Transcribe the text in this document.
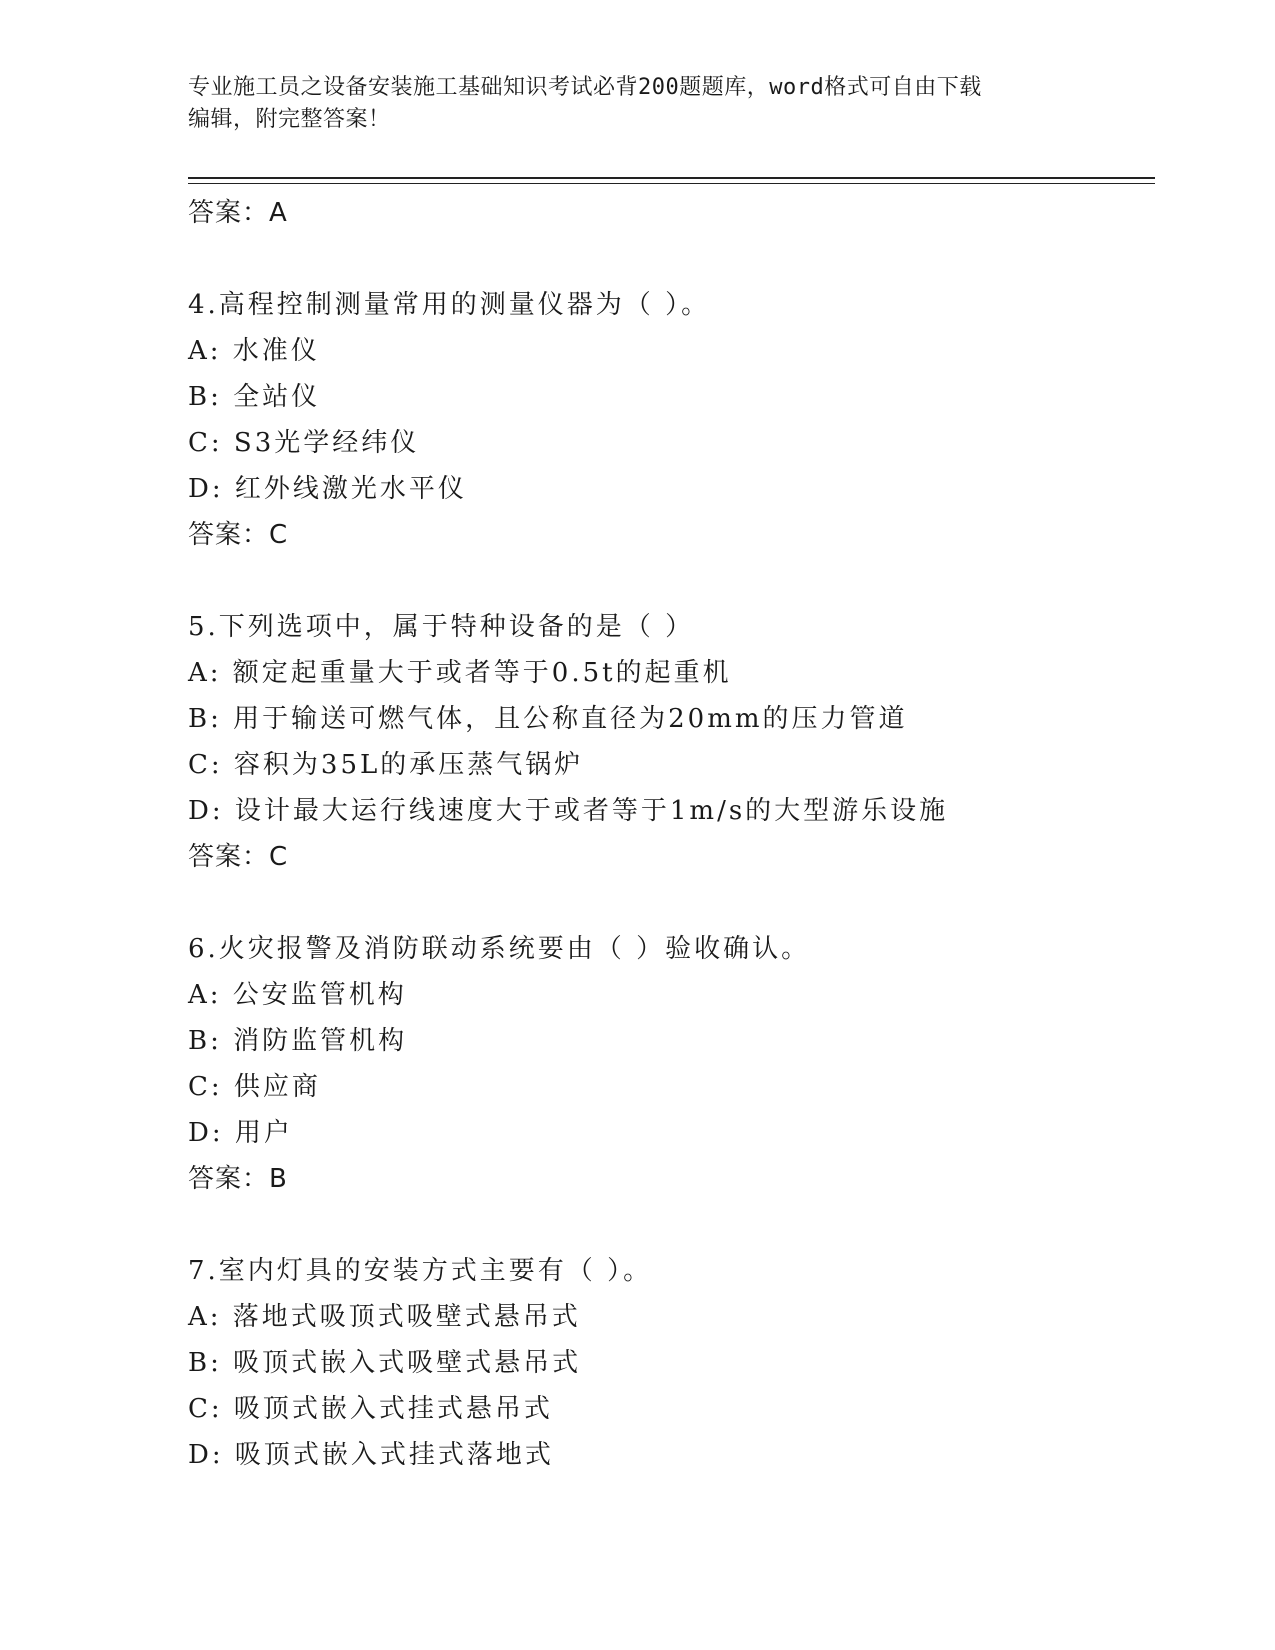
专业施工员之设备安装施工基础知识考试必背200题题库，word格式可自由下载
编辑，附完整答案！
答案：A
4.高程控制测量常用的测量仪器为（ ）。
A: 水准仪
B: 全站仪
C: S3光学经纬仪
D: 红外线激光水平仪
答案：C
5.下列选项中，属于特种设备的是（ ）
A: 额定起重量大于或者等于0.5t的起重机
B: 用于输送可燃气体，且公称直径为20mm的压力管道
C: 容积为35L的承压蒸气锅炉
D: 设计最大运行线速度大于或者等于1m/s的大型游乐设施
答案：C
6.火灾报警及消防联动系统要由（ ）验收确认。
A: 公安监管机构
B: 消防监管机构
C: 供应商
D: 用户
答案：B
7.室内灯具的安装方式主要有（ ）。
A: 落地式吸顶式吸壁式悬吊式
B: 吸顶式嵌入式吸壁式悬吊式
C: 吸顶式嵌入式挂式悬吊式
D: 吸顶式嵌入式挂式落地式
